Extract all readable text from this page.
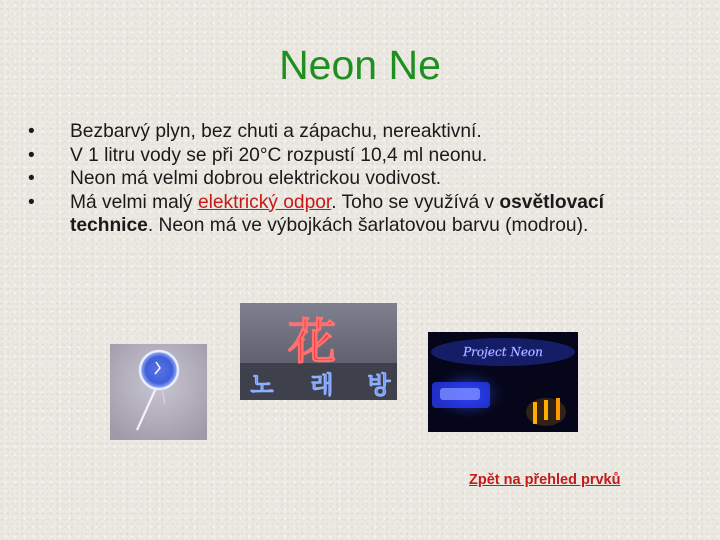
Neon Ne
• Bezbarvý plyn, bez chuti a zápachu, nereaktivní.
• V 1 litru vody se při 20°C rozpustí 10,4 ml neonu.
• Neon má velmi dobrou elektrickou vodivost.
• Má velmi malý elektrický odpor. Toho se využívá v osvětlovací technice. Neon má ve výbojkách šarlatovou barvu (modrou).
花
노 래 방
Project Neon
Zpět na přehled prvků
